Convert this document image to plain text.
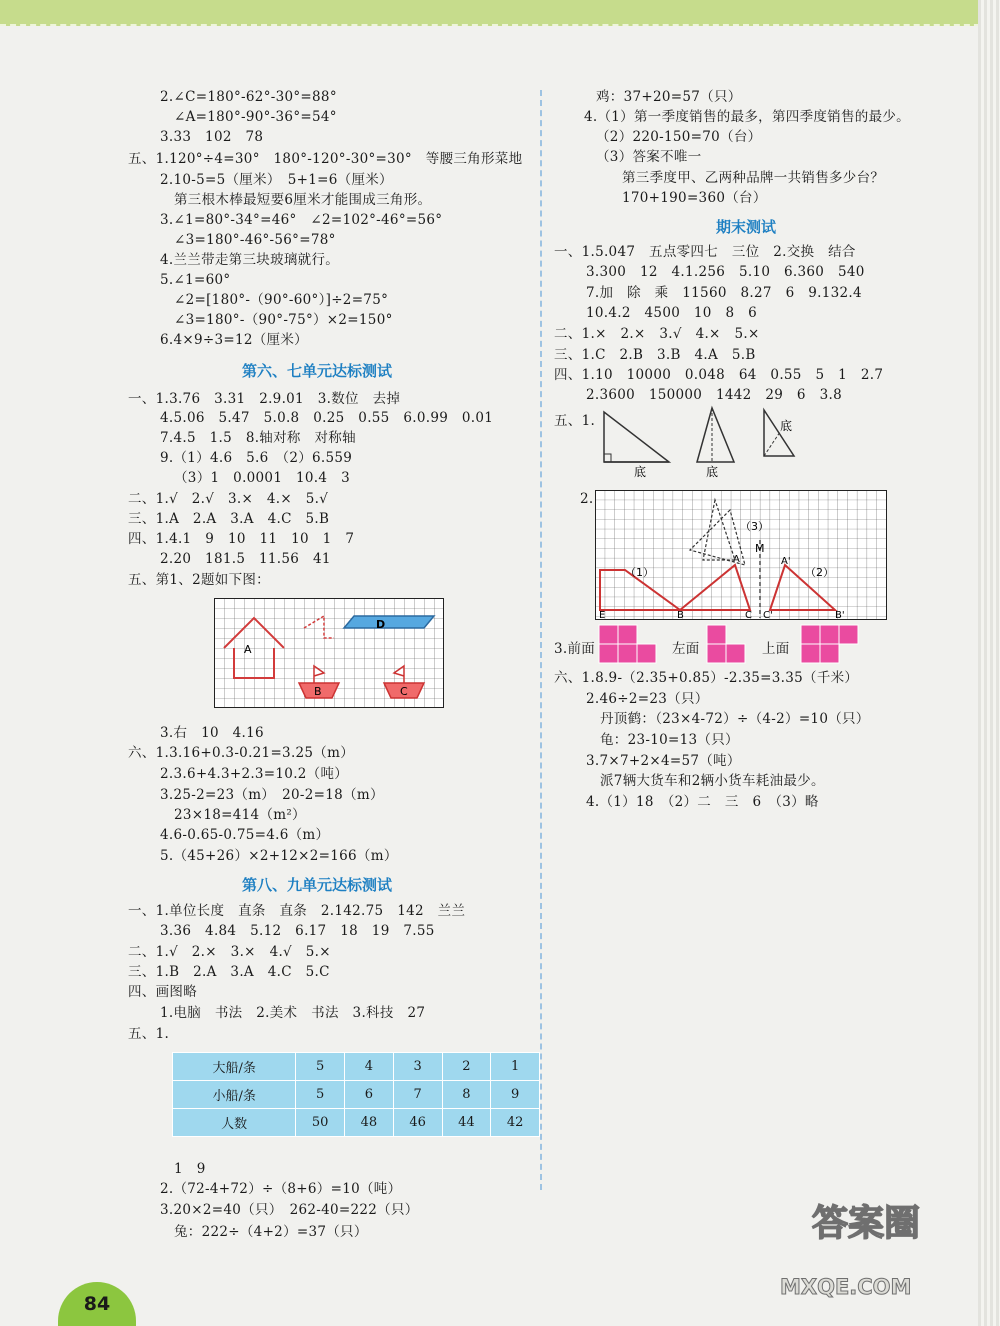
2.∠C=180°-62°-30°=88°
∠A=180°-90°-36°=54°
3.33　102　78
五、1.120°÷4=30°　180°-120°-30°=30°　等腰三角形菜地
2.10-5=5（厘米）　5+1=6（厘米）
第三根木棒最短要6厘米才能围成三角形。
3.∠1=80°-34°=46°　∠2=102°-46°=56°
∠3=180°-46°-56°=78°
4.兰兰带走第三块玻璃就行。
5.∠1=60°
∠2=[180°-（90°-60°）]÷2=75°
∠3=180°-（90°-75°）×2=150°
6.4×9÷3=12（厘米）
第六、七单元达标测试
一、1.3.76　3.31　2.9.01　3.数位　去掉
4.5.06　5.47　5.0.8　0.25　0.55　6.0.99　0.01
7.4.5　1.5　8.轴对称　对称轴
9.（1）4.6　5.6　（2）6.559
（3）1　0.0001　10.4　3
二、1.√　2.√　3.×　4.×　5.√
三、1.A　2.A　3.A　4.C　5.B
四、1.4.1　9　10　11　10　1　7
2.20　181.5　11.56　41
五、第1、2题如下图：
A
D
B	C
3.右　10　4.16
六、1.3.16+0.3-0.21=3.25（m）
2.3.6+4.3+2.3=10.2（吨）
3.25-2=23（m）　20-2=18（m）
23×18=414（m²）
4.6-0.65-0.75=4.6（m）
5.（45+26）×2+12×2=166（m）
第八、九单元达标测试
一、1.单位长度　直条　直条　2.142.75　142　兰兰
3.36　4.84　5.12　6.17　18　19　7.55
二、1.√　2.×　3.×　4.√　5.×
三、1.B　2.A　3.A　4.C　5.C
四、画图略
1.电脑　书法　2.美术　书法　3.科技　27
五、1.
大船/条	5	4	3	2	1
小船/条	5	6	7	8	9
人数	50	48	46	44	42
1　9
2.（72-4+72）÷（8+6）=10（吨）
3.20×2=40（只）　262-40=222（只）
兔：222÷（4+2）=37（只）
鸡：37+20=57（只）
4.（1）第一季度销售的最多，第四季度销售的最少。
（2）220-150=70（台）
（3）答案不唯一
第三季度甲、乙两种品牌一共销售多少台？
170+190=360（台）
期末测试
一、1.5.047　五点零四七　三位　2.交换　结合
3.300　12　4.1.256　5.10　6.360　540
7.加　除　乘　11560　8.27　6　9.132.4
10.4.2　4500　10　8　6
二、1.×　2.×　3.√　4.×　5.×
三、1.C　2.B　3.B　4.A　5.B
四、1.10　10000　0.048　64　0.55　5　1　2.7
2.3600　150000　1442　29　6　3.8
五、1.
底	底
底
2.
M
（1）	（2）
（3）
E	B	C C'
A'
B'
A
3.前面	左面	上面
六、1.8.9-（2.35+0.85）-2.35=3.35（千米）
2.46÷2=23（只）
丹顶鹤：（23×4-72）÷（4-2）=10（只）
龟：23-10=13（只）
3.7×7+2×4=57（吨）
派7辆大货车和2辆小货车耗油最少。
4.（1）18　（2）二　三　6　（3）略
84
答案圈
MXQE.COM
